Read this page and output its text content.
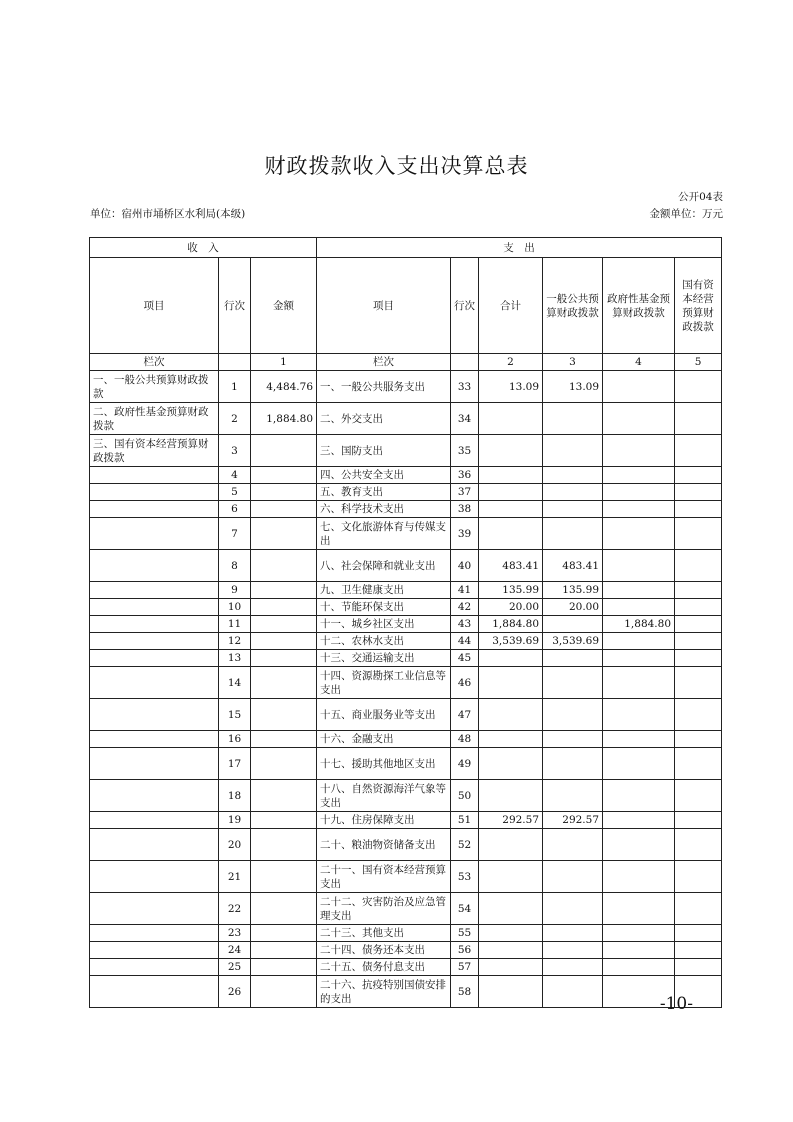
财政拨款收入支出决算总表
公开04表
单位：宿州市埇桥区水利局(本级)	金额单位：万元
收　入			支　出					
项目	行次	金额	项目	行次	合计	一般公共预算财政拨款	政府性基金预算财政拨款	国有资本经营预算财政拨款
栏次		1	栏次		2	3	4	5
一、一般公共预算财政拨款	1	4,484.76	一、一般公共服务支出	33	13.09	13.09		
二、政府性基金预算财政拨款	2	1,884.80	二、外交支出	34				
三、国有资本经营预算财政拨款	3		三、国防支出	35				
	4		四、公共安全支出	36				
	5		五、教育支出	37				
	6		六、科学技术支出	38				
	7		七、文化旅游体育与传媒支出	39				
	8		八、社会保障和就业支出	40	483.41	483.41		
	9		九、卫生健康支出	41	135.99	135.99		
	10		十、节能环保支出	42	20.00	20.00		
	11		十一、城乡社区支出	43	1,884.80		1,884.80	
	12		十二、农林水支出	44	3,539.69	3,539.69		
	13		十三、交通运输支出	45				
	14		十四、资源勘探工业信息等支出	46				
	15		十五、商业服务业等支出	47				
	16		十六、金融支出	48				
	17		十七、援助其他地区支出	49				
	18		十八、自然资源海洋气象等支出	50				
	19		十九、住房保障支出	51	292.57	292.57		
	20		二十、粮油物资储备支出	52				
	21		二十一、国有资本经营预算支出	53				
	22		二十二、灾害防治及应急管理支出	54				
	23		二十三、其他支出	55				
	24		二十四、债务还本支出	56				
	25		二十五、债务付息支出	57				
	26		二十六、抗疫特别国债安排的支出	58				
-10-
